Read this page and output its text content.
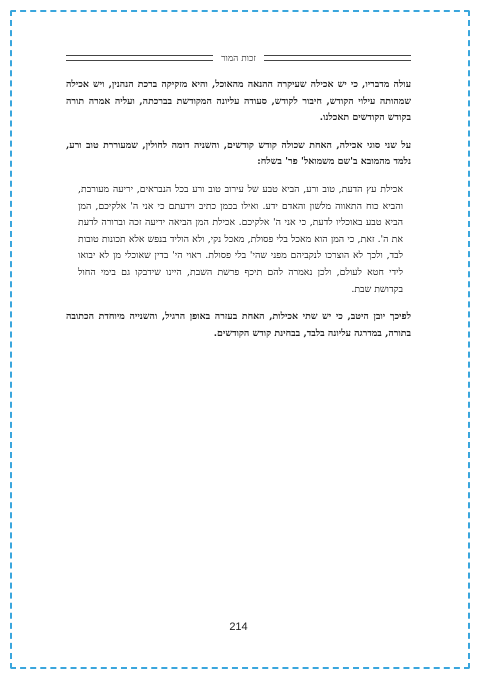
זכות המור

עולה מדבריו, כי יש אכילה שעיקרה ההנאה מהאוכל, והיא מזקיקה ברכת הנהנין, ויש אכילה שמהותה עילוי הקודש, חיבור לקודש, סעודה עליונה המקודשת בברכתה, ועליה אמרה תורה בקודש הקודשים תאכלנו.

על שני סוגי אכילה, האחת שכולה קודש קודשים, והשניה דומה לחולין, שמעוררת טוב ורע, נלמד מהמובא ב'שם משמואל' פר' בשלח:

אכילת עץ הדעת, טוב ורע, הביא טבע של עירוב טוב ורע בכל הנבראים, יריעה מעורבת, והביא כוח התאווה מלשון והאדם ידע. ואילו בכמן כתיב וידעתם כי אני ה' אלקיכם, המן הביא טבע באוכליו לדעת, כי אני ה' אלקיכם. אכילת המן הביאה ידיעה זכה וברורה לדעת את ה'. זאת, כי המן הוא מאכל בלי פסולת, מאכל נקי, ולא הוליד בנפש אלא תכונות טובות לבד, ולכך לא הוצרכו לנקביהם מפני שהי' בלי פסולת. ראוי הי' בדין שאוכלי מן לא יבואו לידי חטא לעולם, ולכן נאמרה להם תיכף פרשת השבת, היינו שידבקו גם בימי החול בקדושת שבת.

לפיכך יובן היטב, כי יש שתי אכילות, האחת בעזרה באופן הרגיל, והשנייה מיוחדת הכתובה בתורה, במדרגה עליונה בלבד, בבחינת קודש הקודשים.

214
